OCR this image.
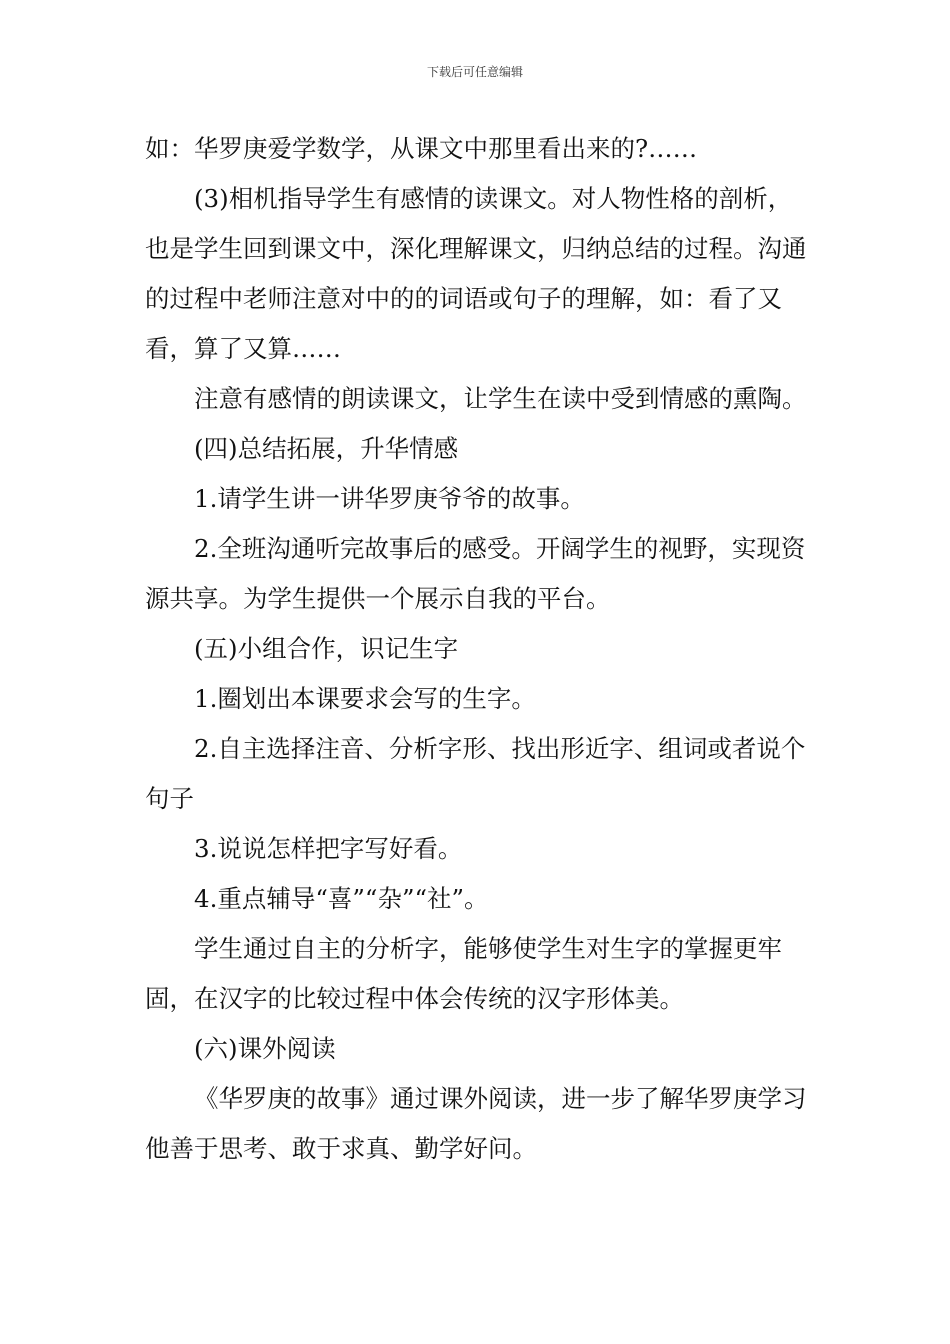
下载后可任意编辑

如：华罗庚爱学数学，从课文中那里看出来的?……

(3)相机指导学生有感情的读课文。对人物性格的剖析，也是学生回到课文中，深化理解课文，归纳总结的过程。沟通的过程中老师注意对中的的词语或句子的理解，如：看了又看，算了又算……

注意有感情的朗读课文，让学生在读中受到情感的熏陶。

(四)总结拓展，升华情感

1.请学生讲一讲华罗庚爷爷的故事。

2.全班沟通听完故事后的感受。开阔学生的视野，实现资源共享。为学生提供一个展示自我的平台。

(五)小组合作，识记生字

1.圈划出本课要求会写的生字。

2.自主选择注音、分析字形、找出形近字、组词或者说个句子

3.说说怎样把字写好看。

4.重点辅导“喜”“杂”“社”。

学生通过自主的分析字，能够使学生对生字的掌握更牢固，在汉字的比较过程中体会传统的汉字形体美。

(六)课外阅读

《华罗庚的故事》通过课外阅读，进一步了解华罗庚学习他善于思考、敢于求真、勤学好问。
